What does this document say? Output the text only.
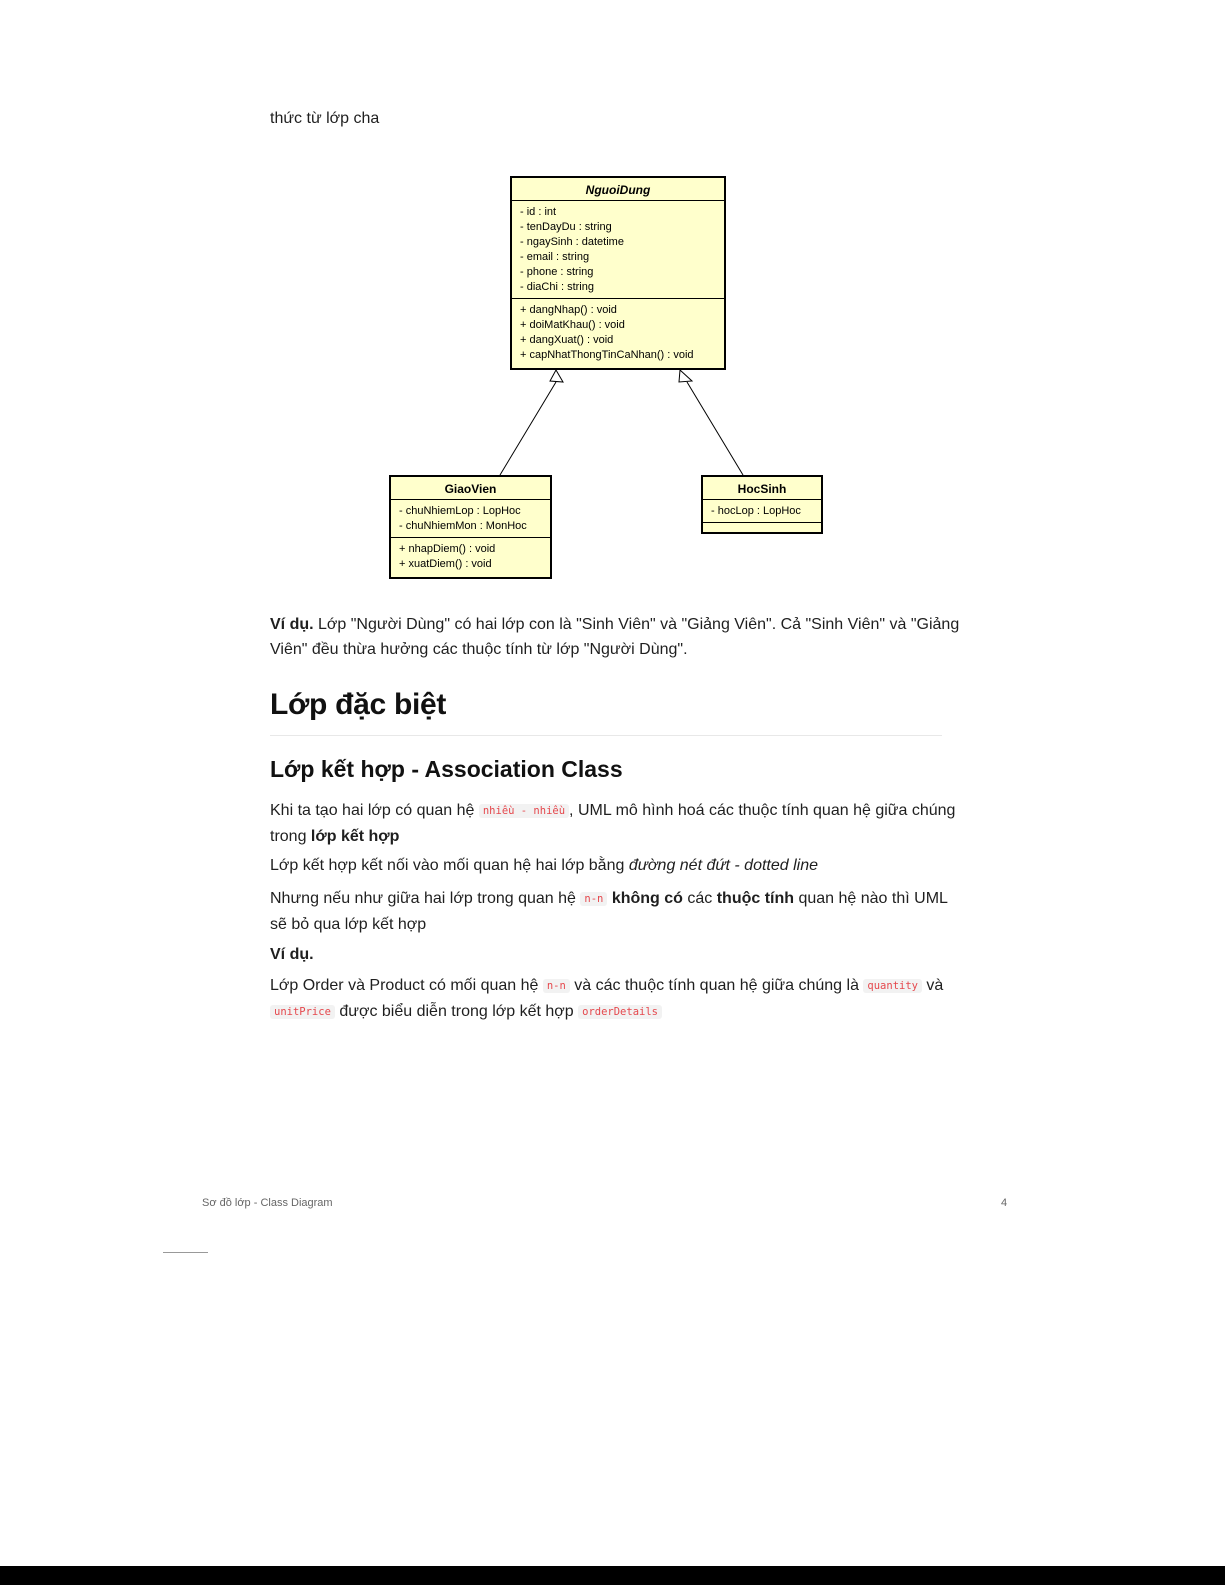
thức từ lớp cha
NguoiDung
- id : int
- tenDayDu : string
- ngaySinh : datetime
- email : string
- phone : string
- diaChi : string
+ dangNhap() : void
+ doiMatKhau() : void
+ dangXuat() : void
+ capNhatThongTinCaNhan() : void
GiaoVien
- chuNhiemLop : LopHoc
- chuNhiemMon : MonHoc
+ nhapDiem() : void
+ xuatDiem() : void
HocSinh
- hocLop : LopHoc
Ví dụ. Lớp "Người Dùng" có hai lớp con là "Sinh Viên" và "Giảng Viên". Cả "Sinh Viên" và "Giảng Viên" đều thừa hưởng các thuộc tính từ lớp "Người Dùng".
Lớp đặc biệt
Lớp kết hợp - Association Class
Khi ta tạo hai lớp có quan hệ nhiều - nhiều , UML mô hình hoá các thuộc tính quan hệ giữa chúng trong lớp kết hợp
Lớp kết hợp kết nối vào mối quan hệ hai lớp bằng đường nét đứt - dotted line
Nhưng nếu như giữa hai lớp trong quan hệ n-n không có các thuộc tính quan hệ nào thì UML sẽ bỏ qua lớp kết hợp
Ví dụ.
Lớp Order và Product có mối quan hệ n-n và các thuộc tính quan hệ giữa chúng là quantity và unitPrice được biểu diễn trong lớp kết hợp orderDetails
Sơ đồ lớp - Class Diagram	4
